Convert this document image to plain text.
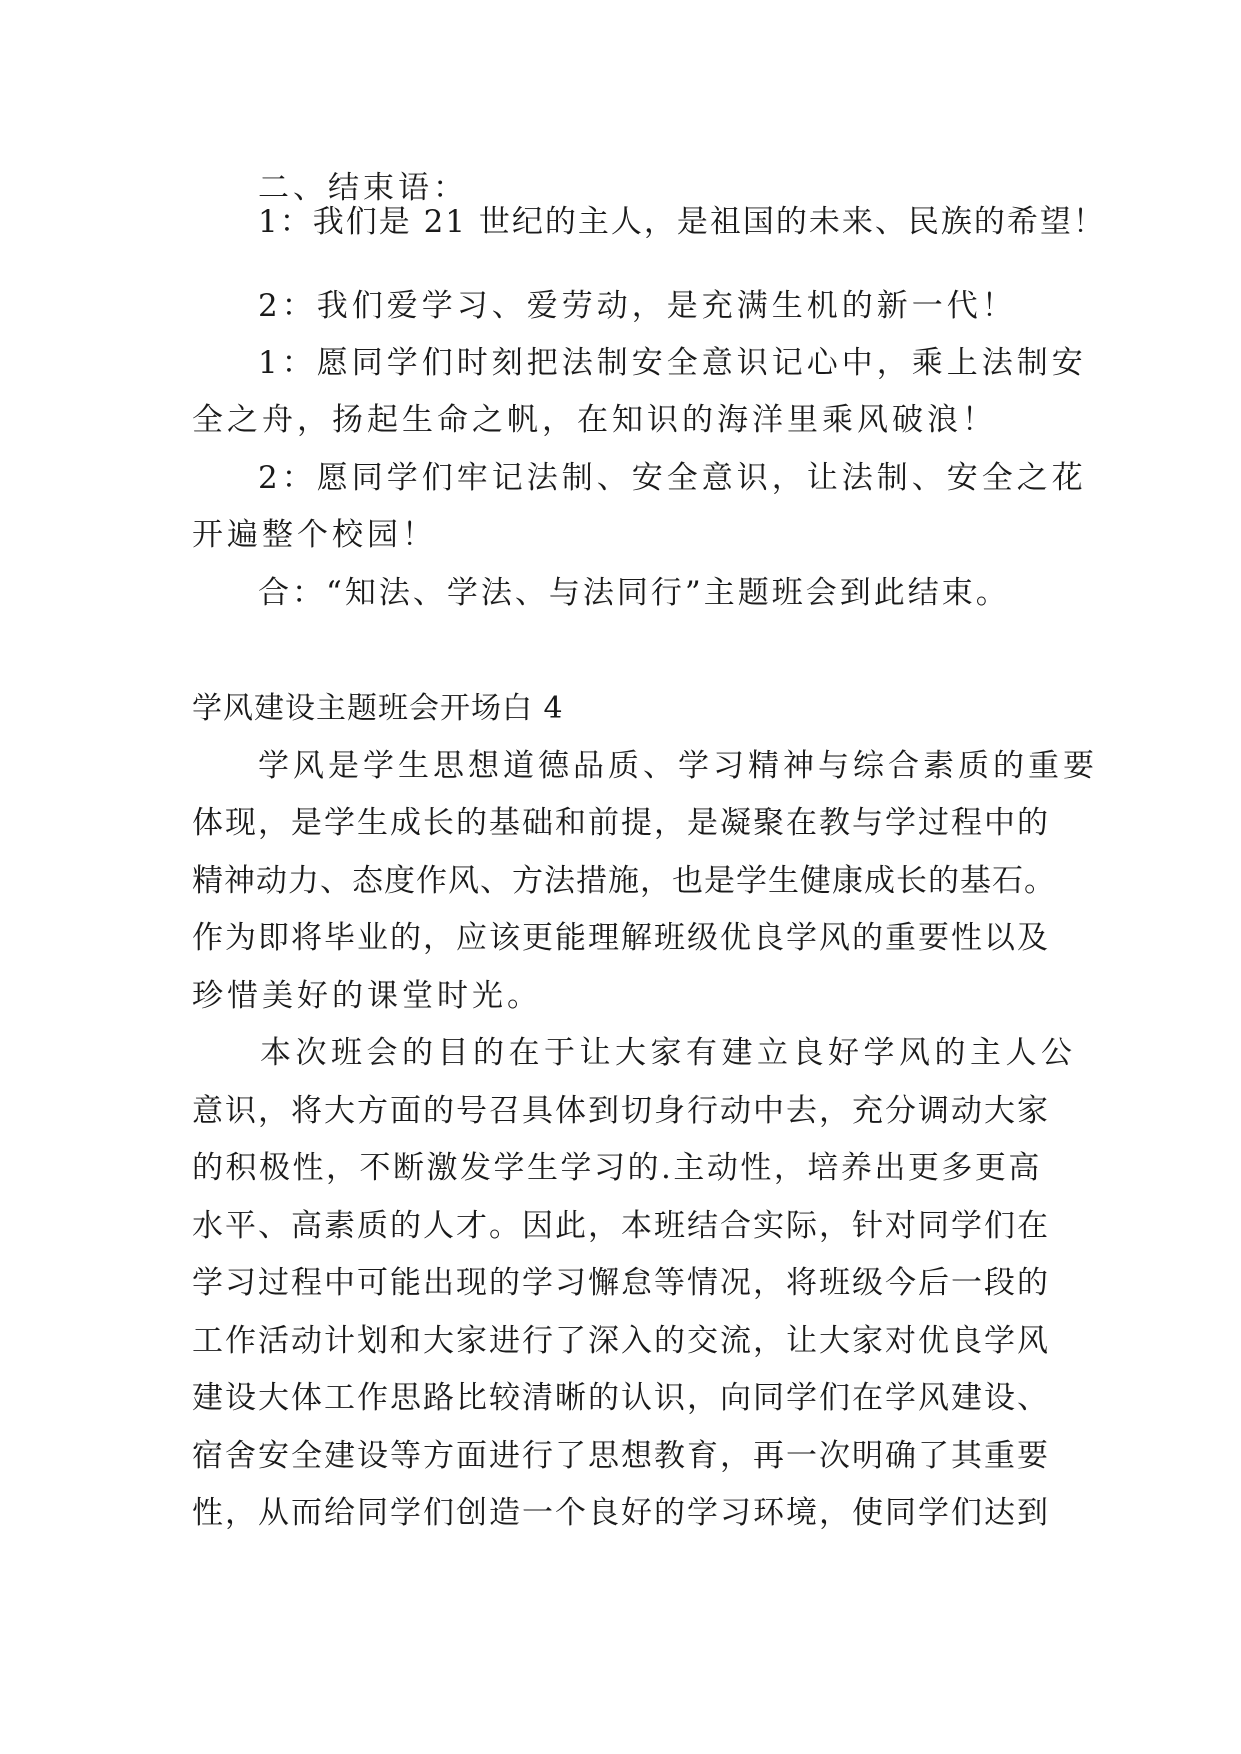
二、结束语：
1：我们是 21 世纪的主人，是祖国的未来、民族的希望！
2：我们爱学习、爱劳动，是充满生机的新一代！
1：愿同学们时刻把法制安全意识记心中，乘上法制安
全之舟，扬起生命之帆，在知识的海洋里乘风破浪！
2：愿同学们牢记法制、安全意识，让法制、安全之花
开遍整个校园！
合：“知法、学法、与法同行”主题班会到此结束。
学风建设主题班会开场白 4
学风是学生思想道德品质、学习精神与综合素质的重要
体现，是学生成长的基础和前提，是凝聚在教与学过程中的
精神动力、态度作风、方法措施，也是学生健康成长的基石。
作为即将毕业的，应该更能理解班级优良学风的重要性以及
珍惜美好的课堂时光。
本次班会的目的在于让大家有建立良好学风的主人公
意识，将大方面的号召具体到切身行动中去，充分调动大家
的积极性，不断激发学生学习的.主动性，培养出更多更高
水平、高素质的人才。因此，本班结合实际，针对同学们在
学习过程中可能出现的学习懈怠等情况，将班级今后一段的
工作活动计划和大家进行了深入的交流，让大家对优良学风
建设大体工作思路比较清晰的认识，向同学们在学风建设、
宿舍安全建设等方面进行了思想教育，再一次明确了其重要
性，从而给同学们创造一个良好的学习环境，使同学们达到
